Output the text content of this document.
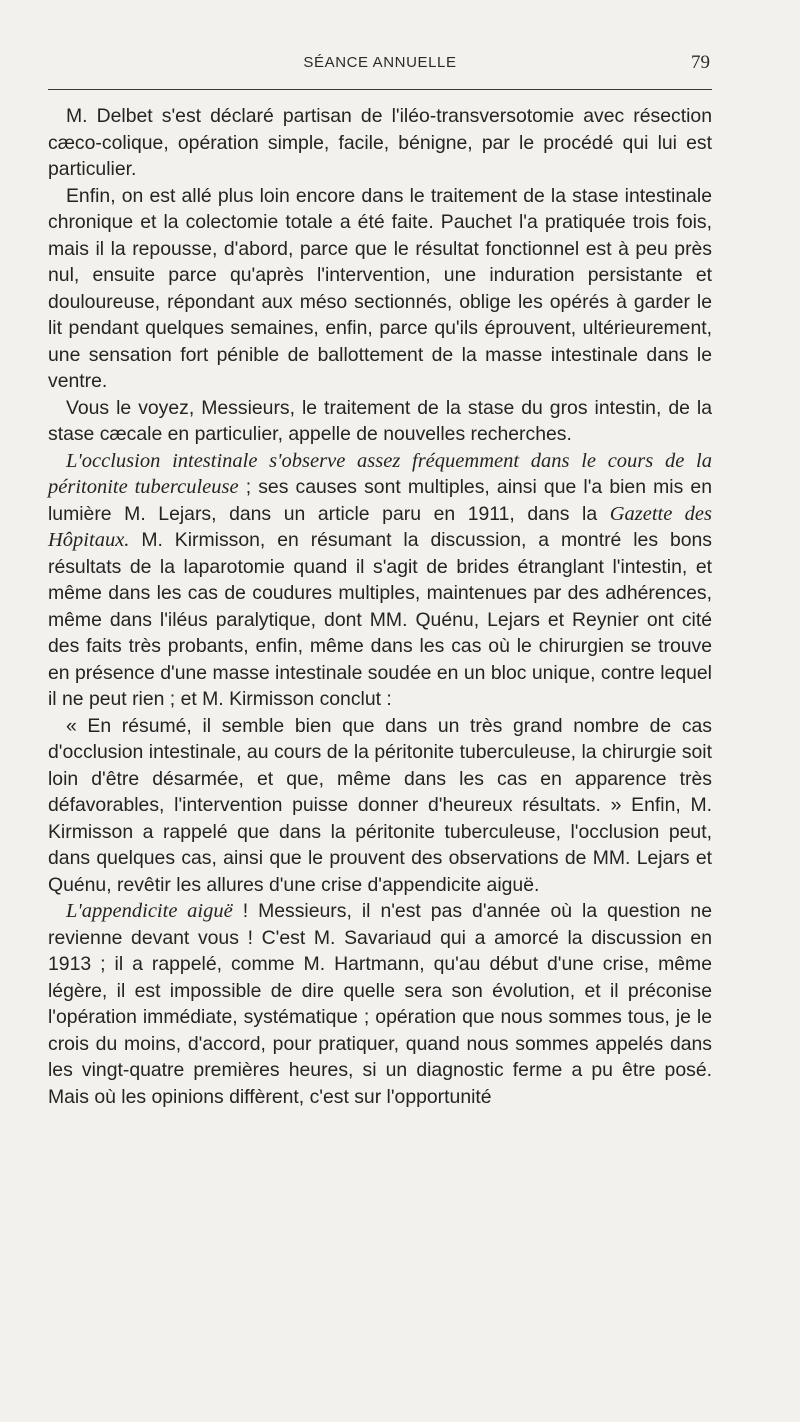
SÉANCE ANNUELLE	79

M. Delbet s'est déclaré partisan de l'iléo-transversotomie avec résection cæco-colique, opération simple, facile, bénigne, par le procédé qui lui est particulier.

Enfin, on est allé plus loin encore dans le traitement de la stase intestinale chronique et la colectomie totale a été faite. Pauchet l'a pratiquée trois fois, mais il la repousse, d'abord, parce que le résultat fonctionnel est à peu près nul, ensuite parce qu'après l'intervention, une induration persistante et douloureuse, répondant aux méso sectionnés, oblige les opérés à garder le lit pendant quelques semaines, enfin, parce qu'ils éprouvent, ultérieurement, une sensation fort pénible de ballottement de la masse intestinale dans le ventre.

Vous le voyez, Messieurs, le traitement de la stase du gros intestin, de la stase cæcale en particulier, appelle de nouvelles recherches.

L'occlusion intestinale s'observe assez fréquemment dans le cours de la péritonite tuberculeuse ; ses causes sont multiples, ainsi que l'a bien mis en lumière M. Lejars, dans un article paru en 1911, dans la Gazette des Hôpitaux. M. Kirmisson, en résumant la discussion, a montré les bons résultats de la laparotomie quand il s'agit de brides étranglant l'intestin, et même dans les cas de coudures multiples, maintenues par des adhérences, même dans l'iléus paralytique, dont MM. Quénu, Lejars et Reynier ont cité des faits très probants, enfin, même dans les cas où le chirurgien se trouve en présence d'une masse intestinale soudée en un bloc unique, contre lequel il ne peut rien ; et M. Kirmisson conclut :

« En résumé, il semble bien que dans un très grand nombre de cas d'occlusion intestinale, au cours de la péritonite tuberculeuse, la chirurgie soit loin d'être désarmée, et que, même dans les cas en apparence très défavorables, l'intervention puisse donner d'heureux résultats. » Enfin, M. Kirmisson a rappelé que dans la péritonite tuberculeuse, l'occlusion peut, dans quelques cas, ainsi que le prouvent des observations de MM. Lejars et Quénu, revêtir les allures d'une crise d'appendicite aiguë.

L'appendicite aiguë ! Messieurs, il n'est pas d'année où la question ne revienne devant vous ! C'est M. Savariaud qui a amorcé la discussion en 1913 ; il a rappelé, comme M. Hartmann, qu'au début d'une crise, même légère, il est impossible de dire quelle sera son évolution, et il préconise l'opération immédiate, systématique ; opération que nous sommes tous, je le crois du moins, d'accord, pour pratiquer, quand nous sommes appelés dans les vingt-quatre premières heures, si un diagnostic ferme a pu être posé. Mais où les opinions diffèrent, c'est sur l'opportunité
